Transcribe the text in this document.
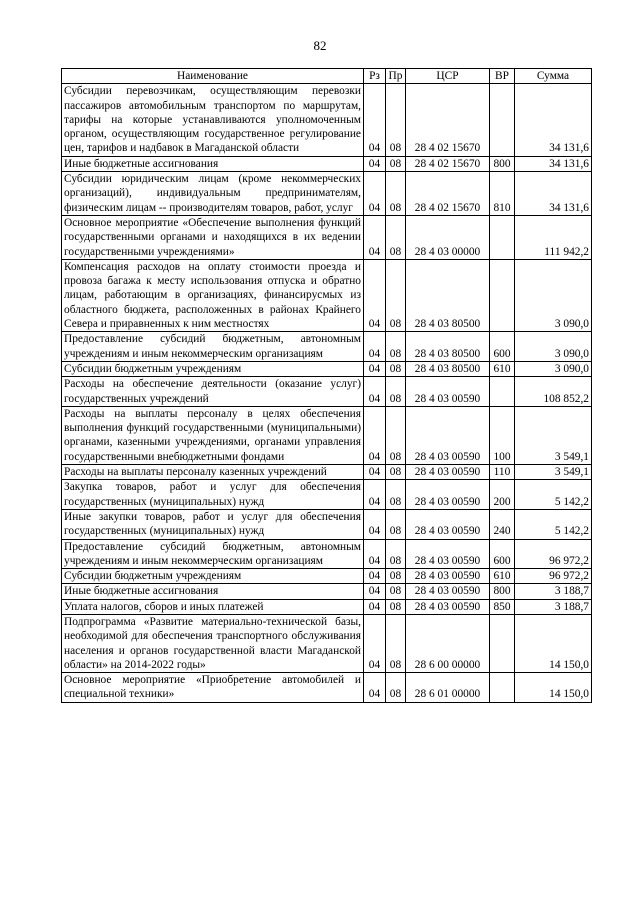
82
Наименование	Рз	Пр	ЦСР	ВР	Сумма
Субсидии перевозчикам, осуществляющим перевозки пассажиров автомобильным транспортом по маршрутам, тарифы на которые устанавливаются уполномоченным органом, осуществляющим государственное регулирование цен, тарифов и надбавок в Магаданской области	04	08	28 4 02 15670		34 131,6
Иные бюджетные ассигнования	04	08	28 4 02 15670	800	34 131,6
Субсидии юридическим лицам (кроме некоммерческих организаций), индивидуальным предпринимателям, физическим лицам -- производителям товаров, работ, услуг	04	08	28 4 02 15670	810	34 131,6
Основное мероприятие «Обеспечение выполнения функций государственными органами и находящихся в их ведении государственными учреждениями»	04	08	28 4 03 00000		111 942,2
Компенсация расходов на оплату стоимости проезда и провоза багажа к месту использования отпуска и обратно лицам, работающим в организациях, финансирусмых из областного бюджета, расположенных в районах Крайнего Севера и приравненных к ним местностях	04	08	28 4 03 80500		3 090,0
Предоставление субсидий бюджетным, автономным учреждениям и иным некоммерческим организациям	04	08	28 4 03 80500	600	3 090,0
Субсидии бюджетным учреждениям	04	08	28 4 03 80500	610	3 090,0
Расходы на обеспечение деятельности (оказание услуг) государственных учреждений	04	08	28 4 03 00590		108 852,2
Расходы на выплаты персоналу в целях обеспечения выполнения функций государственными (муниципальными) органами, казенными учреждениями, органами управления государственными внебюджетными фондами	04	08	28 4 03 00590	100	3 549,1
Расходы на выплаты персоналу казенных учреждений	04	08	28 4 03 00590	110	3 549,1
Закупка товаров, работ и услуг для обеспечения государственных (муниципальных) нужд	04	08	28 4 03 00590	200	5 142,2
Иные закупки товаров, работ и услуг для обеспечения государственных (муниципальных) нужд	04	08	28 4 03 00590	240	5 142,2
Предоставление субсидий бюджетным, автономным учреждениям и иным некоммерческим организациям	04	08	28 4 03 00590	600	96 972,2
Субсидии бюджетным учреждениям	04	08	28 4 03 00590	610	96 972,2
Иные бюджетные ассигнования	04	08	28 4 03 00590	800	3 188,7
Уплата налогов, сборов и иных платежей	04	08	28 4 03 00590	850	3 188,7
Подпрограмма «Развитие материально-технической базы, необходимой для обеспечения транспортного обслуживания населения и органов государственной власти Магаданской области» на 2014-2022 годы»	04	08	28 6 00 00000		14 150,0
Основное мероприятие «Приобретение автомобилей и специальной техники»	04	08	28 6 01 00000		14 150,0
